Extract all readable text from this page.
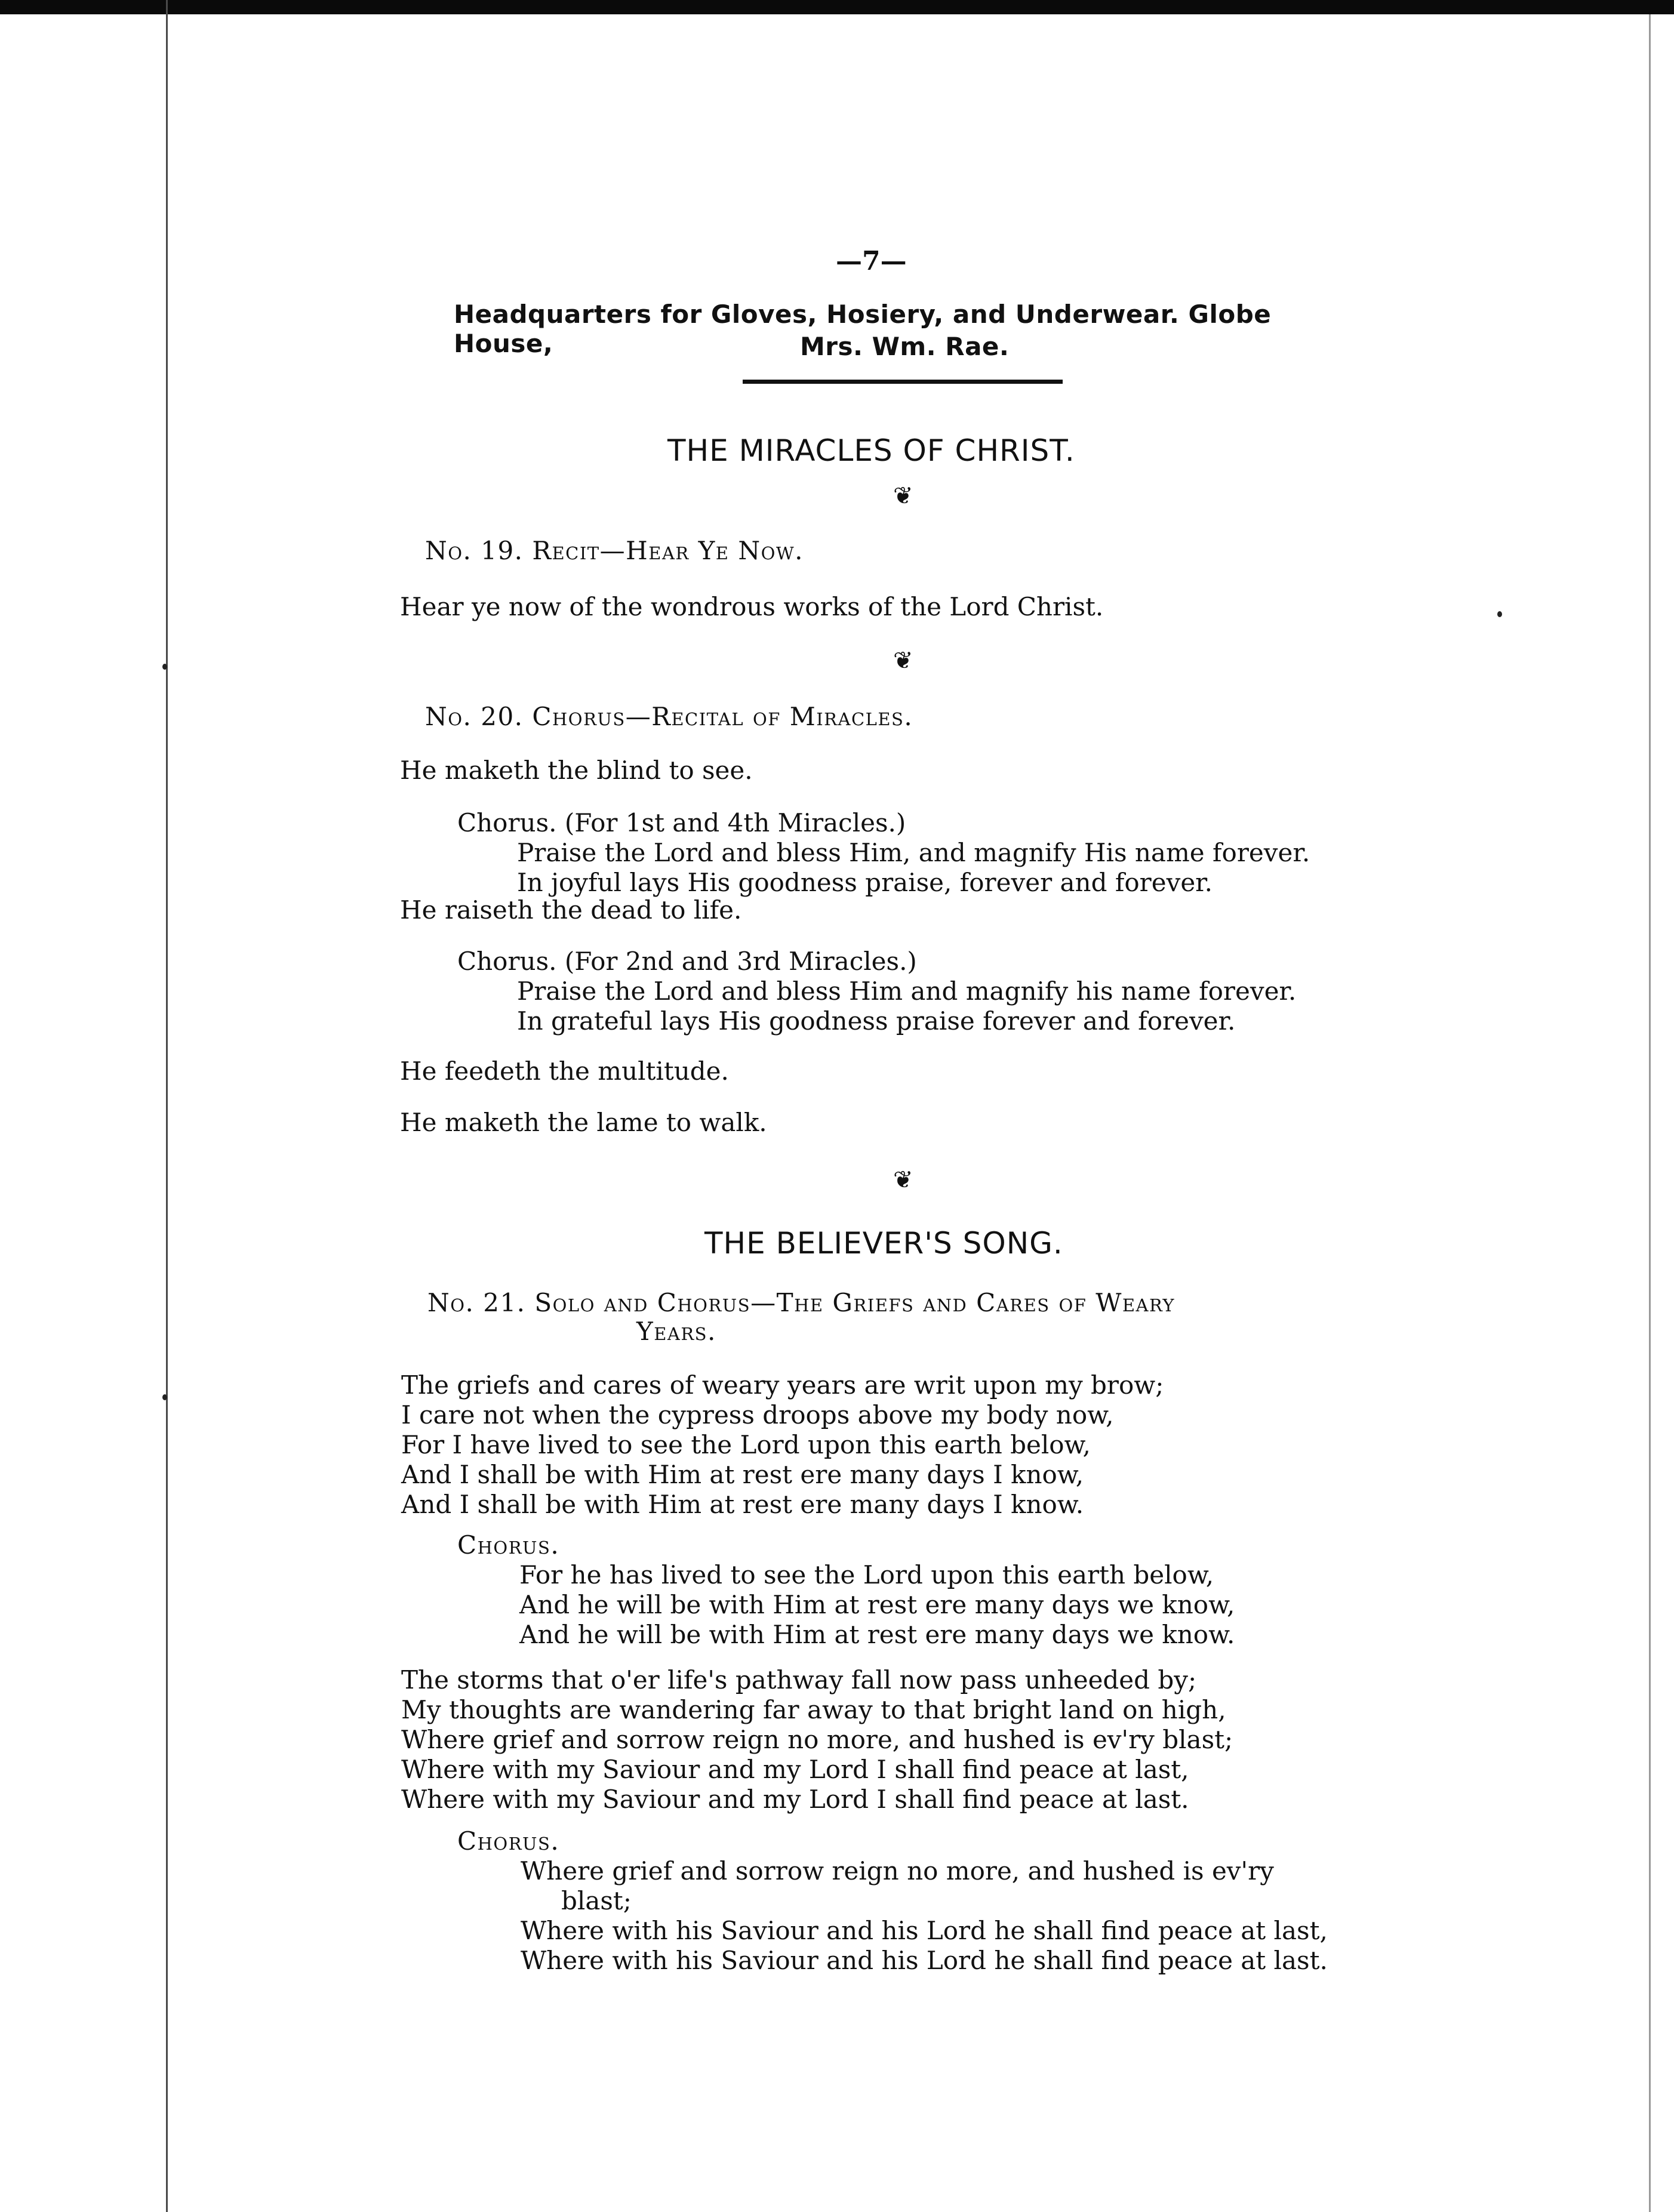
—7—
Headquarters for Gloves, Hosiery, and Underwear. Globe House,	Mrs. Wm. Rae.
THE MIRACLES OF CHRIST.
❦
No. 19. Recit—Hear Ye Now.
Hear ye now of the wondrous works of the Lord Christ.
❦
No. 20. Chorus—Recital of Miracles.
He maketh the blind to see.
Chorus. (For 1st and 4th Miracles.)
Praise the Lord and bless Him, and magnify His name forever.
In joyful lays His goodness praise, forever and forever.
He raiseth the dead to life.
Chorus. (For 2nd and 3rd Miracles.)
Praise the Lord and bless Him and magnify his name forever.
In grateful lays His goodness praise forever and forever.
He feedeth the multitude.
He maketh the lame to walk.
❦
THE BELIEVER'S SONG.
No. 21. Solo and Chorus—The Griefs and Cares of Weary
Years.
The griefs and cares of weary years are writ upon my brow;
I care not when the cypress droops above my body now,
For I have lived to see the Lord upon this earth below,
And I shall be with Him at rest ere many days I know,
And I shall be with Him at rest ere many days I know.
Chorus.
For he has lived to see the Lord upon this earth below,
And he will be with Him at rest ere many days we know,
And he will be with Him at rest ere many days we know.
The storms that o'er life's pathway fall now pass unheeded by;
My thoughts are wandering far away to that bright land on high,
Where grief and sorrow reign no more, and hushed is ev'ry blast;
Where with my Saviour and my Lord I shall find peace at last,
Where with my Saviour and my Lord I shall find peace at last.
Chorus.
Where grief and sorrow reign no more, and hushed is ev'ry
blast;
Where with his Saviour and his Lord he shall find peace at last,
Where with his Saviour and his Lord he shall find peace at last.
